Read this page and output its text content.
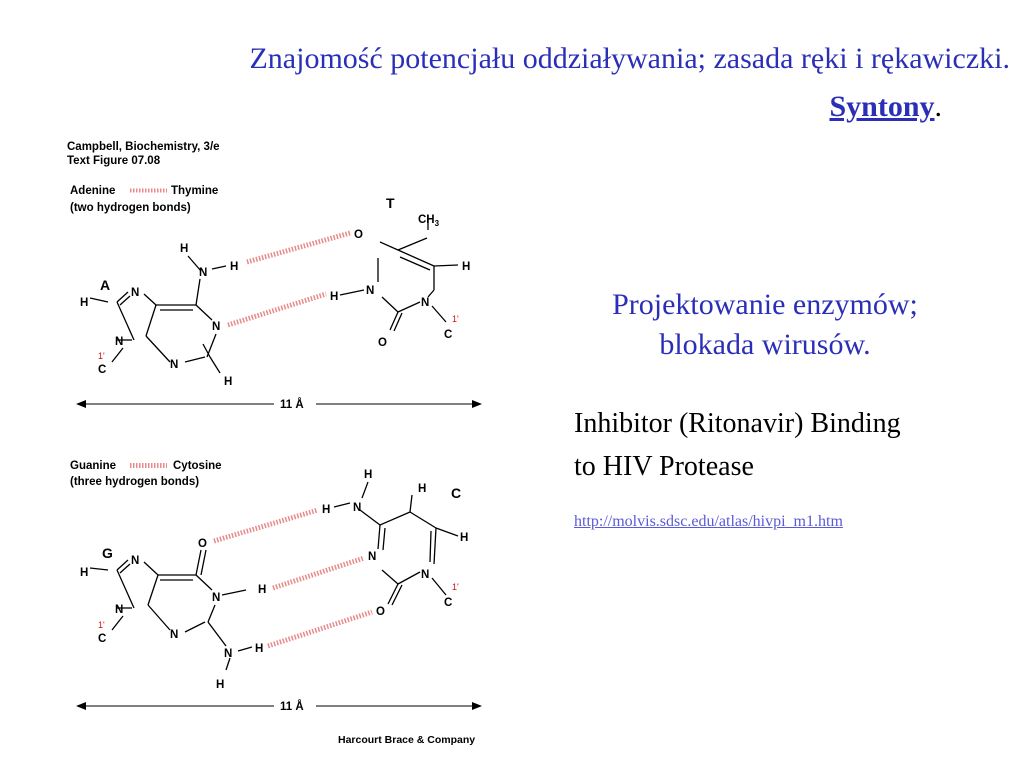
Znajomość potencjału oddziaływania; zasada ręki i rękawiczki.
Syntony.
Campbell, Biochemistry, 3/e
Text Figure 07.08
Adenine	Thymine
(two hydrogen bonds)
A
T
N
N
N
N
N
H
H
H
H
C
1'
O
N
N
O
H
H
C
1'
$CH_3$
11 Å
Guanine	Cytosine
(three hydrogen bonds)
G
C
N
N
N
N
N
O
H
H
H
H
C
1'
N
H
H
N
N
O
H
H
C
1'
11 Å
Harcourt Brace & Company
Projektowanie enzymów;
blokada wirusów.
Inhibitor (Ritonavir) Binding
to HIV Protease
http://molvis.sdsc.edu/atlas/hivpi_m1.htm
